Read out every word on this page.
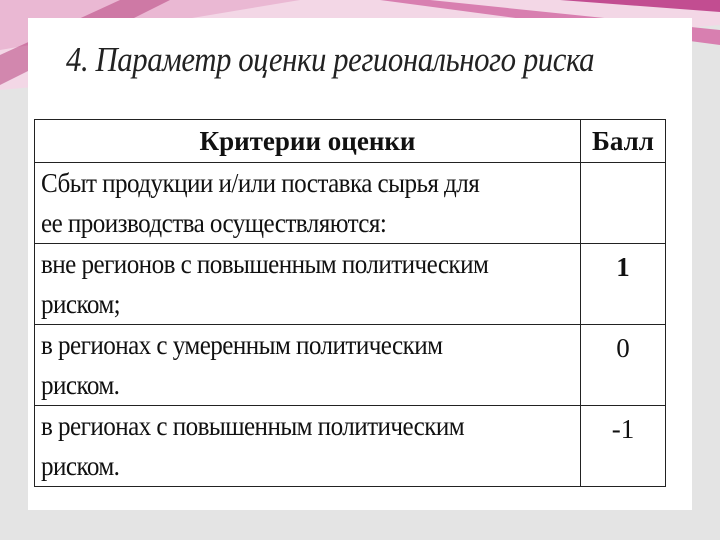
4. Параметр оценки регионального риска
Критерии оценки	Балл
Сбыт продукции и/или поставка сырья для
ее производства осуществляются:	
вне регионов с повышенным политическим
риском;	1
в регионах с умеренным политическим
риском.	0
в регионах с повышенным политическим
риском.	-1
